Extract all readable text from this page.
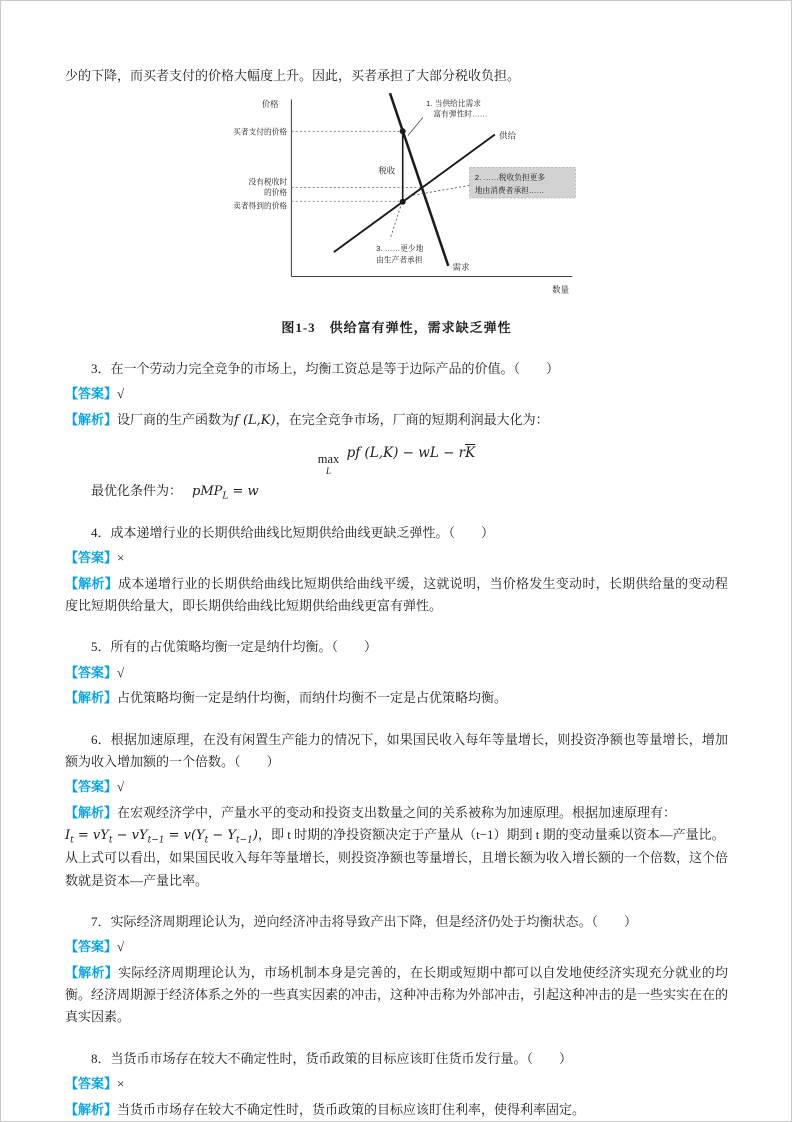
少的下降，而买者支付的价格大幅度上升。因此，买者承担了大部分税收负担。

价格
数量
供给
需求
税收
买者支付的价格
没有税收时
的价格
卖者得到的价格
1. 当供给比需求
富有弹性时……
2. ……税收负担更多
地由消费者承担……
3. ……更少地
由生产者承担

图1-3　供给富有弹性，需求缺乏弹性

3．在一个劳动力完全竞争的市场上，均衡工资总是等于边际产品的价值。（　　）

【答案】√

【解析】设厂商的生产函数为f (L,K)，在完全竞争市场，厂商的短期利润最大化为：

max
L
pf (L,K) − wL − $r\overline{K}$

最优化条件为： pMP$_L$ = w

4．成本递增行业的长期供给曲线比短期供给曲线更缺乏弹性。（　　）

【答案】×

【解析】成本递增行业的长期供给曲线比短期供给曲线平缓，这就说明，当价格发生变动时，长期供给量的变动程度比短期供给量大，即长期供给曲线比短期供给曲线更富有弹性。

5．所有的占优策略均衡一定是纳什均衡。（　　）

【答案】√

【解析】占优策略均衡一定是纳什均衡，而纳什均衡不一定是占优策略均衡。

6．根据加速原理，在没有闲置生产能力的情况下，如果国民收入每年等量增长，则投资净额也等量增长，增加额为收入增加额的一个倍数。（　　）

【答案】√

【解析】在宏观经济学中，产量水平的变动和投资支出数量之间的关系被称为加速原理。根据加速原理有：

$I_t = vY_t - vY_{t-1} = v(Y_t - Y_{t-1})$，即 t 时期的净投资额决定于产量从（t−1）期到 t 期的变动量乘以资本—产量比。

从上式可以看出，如果国民收入每年等量增长，则投资净额也等量增长，且增长额为收入增长额的一个倍数，这个倍数就是资本—产量比率。

7．实际经济周期理论认为，逆向经济冲击将导致产出下降，但是经济仍处于均衡状态。（　　）

【答案】√

【解析】实际经济周期理论认为，市场机制本身是完善的，在长期或短期中都可以自发地使经济实现充分就业的均衡。经济周期源于经济体系之外的一些真实因素的冲击，这种冲击称为外部冲击，引起这种冲击的是一些实实在在的真实因素。

8．当货币市场存在较大不确定性时，货币政策的目标应该盯住货币发行量。（　　）

【答案】×

【解析】当货币市场存在较大不确定性时，货币政策的目标应该盯住利率，使得利率固定。
